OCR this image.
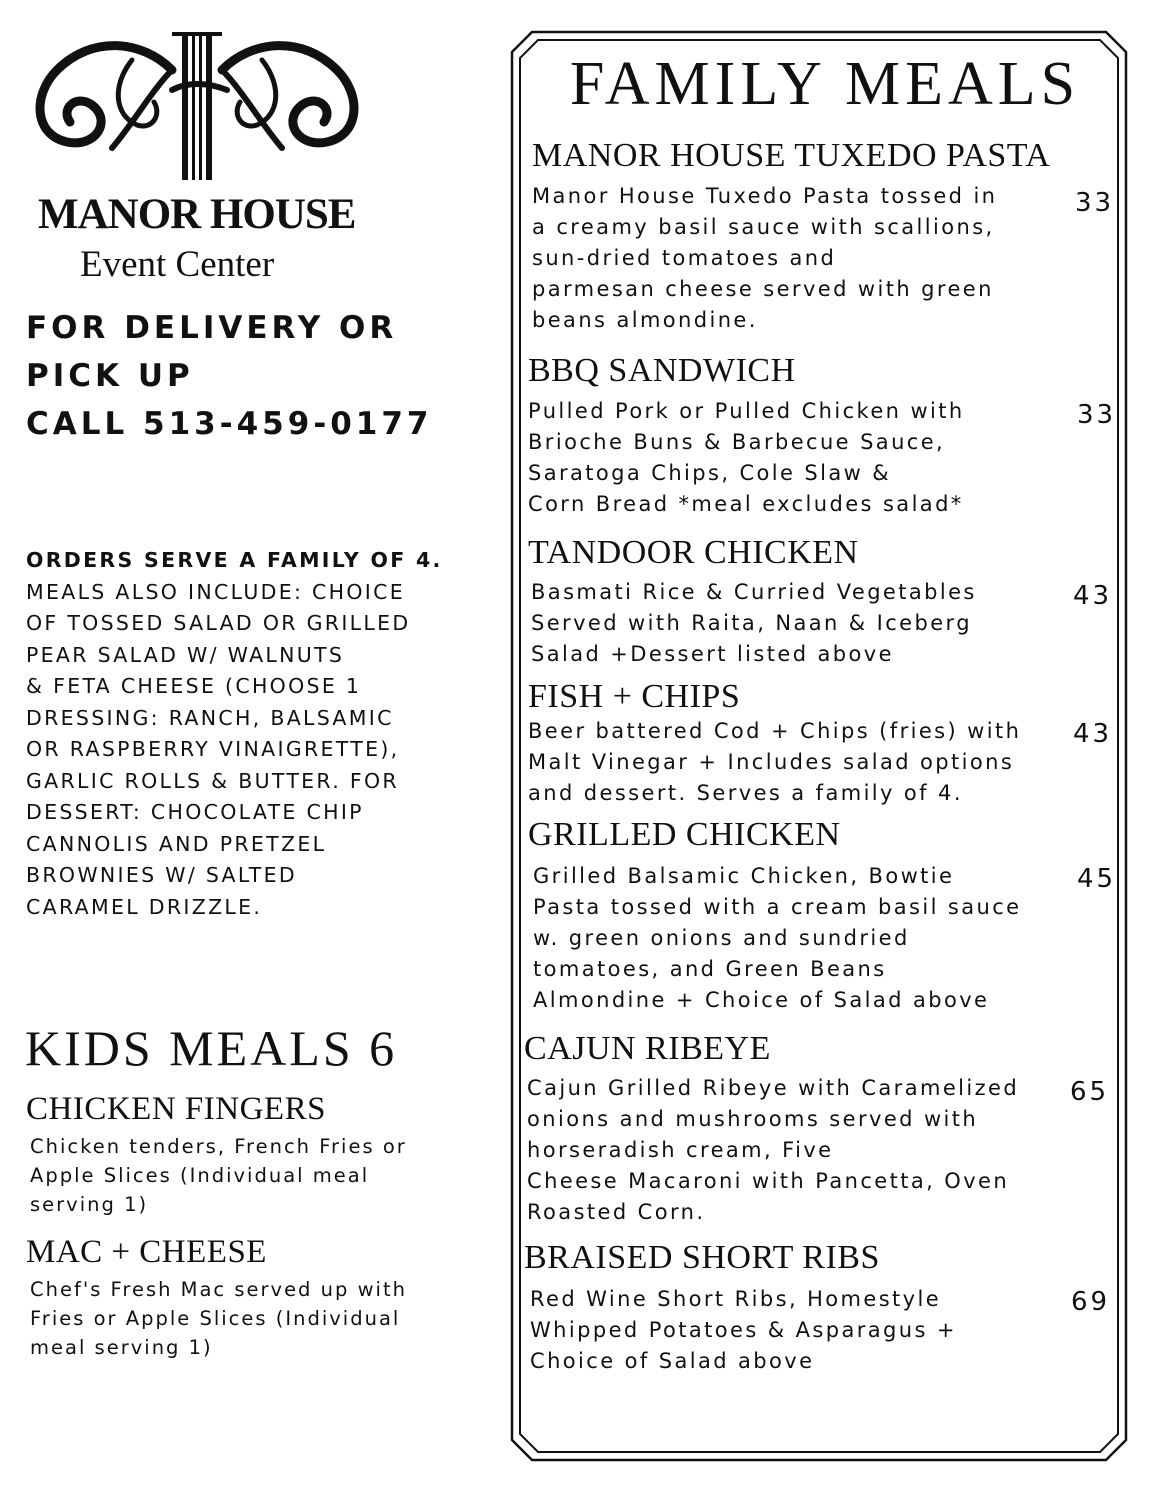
MANOR HOUSE
Event Center
FOR DELIVERY OR
PICK UP
CALL 513-459-0177
ORDERS SERVE A FAMILY OF 4.
MEALS ALSO INCLUDE: CHOICE
OF TOSSED SALAD OR GRILLED
PEAR SALAD W/ WALNUTS
& FETA CHEESE (CHOOSE 1
DRESSING: RANCH, BALSAMIC
OR RASPBERRY VINAIGRETTE),
GARLIC ROLLS & BUTTER. FOR
DESSERT: CHOCOLATE CHIP
CANNOLIS AND PRETZEL
BROWNIES W/ SALTED
CARAMEL DRIZZLE.
KIDS MEALS 6
CHICKEN FINGERS
Chicken tenders, French Fries or
Apple Slices (Individual meal
serving 1)
MAC + CHEESE
Chef's Fresh Mac served up with
Fries or Apple Slices (Individual
meal serving 1)
FAMILY MEALS
MANOR HOUSE TUXEDO PASTA
Manor House Tuxedo Pasta tossed in
a creamy basil sauce with scallions,
sun-dried tomatoes and
parmesan cheese served with green
beans almondine.
33
BBQ SANDWICH
Pulled Pork or Pulled Chicken with
Brioche Buns & Barbecue Sauce,
Saratoga Chips, Cole Slaw &
Corn Bread *meal excludes salad*
33
TANDOOR CHICKEN
Basmati Rice & Curried Vegetables
Served with Raita, Naan & Iceberg
Salad +Dessert listed above
43
FISH + CHIPS
Beer battered Cod + Chips (fries) with
Malt Vinegar + Includes salad options
and dessert. Serves a family of 4.
43
GRILLED CHICKEN
Grilled Balsamic Chicken, Bowtie
Pasta tossed with a cream basil sauce
w. green onions and sundried
tomatoes, and Green Beans
Almondine + Choice of Salad above
45
CAJUN RIBEYE
Cajun Grilled Ribeye with Caramelized
onions and mushrooms served with
horseradish cream, Five
Cheese Macaroni with Pancetta, Oven
Roasted Corn.
65
BRAISED SHORT RIBS
Red Wine Short Ribs, Homestyle
Whipped Potatoes & Asparagus +
Choice of Salad above
69
